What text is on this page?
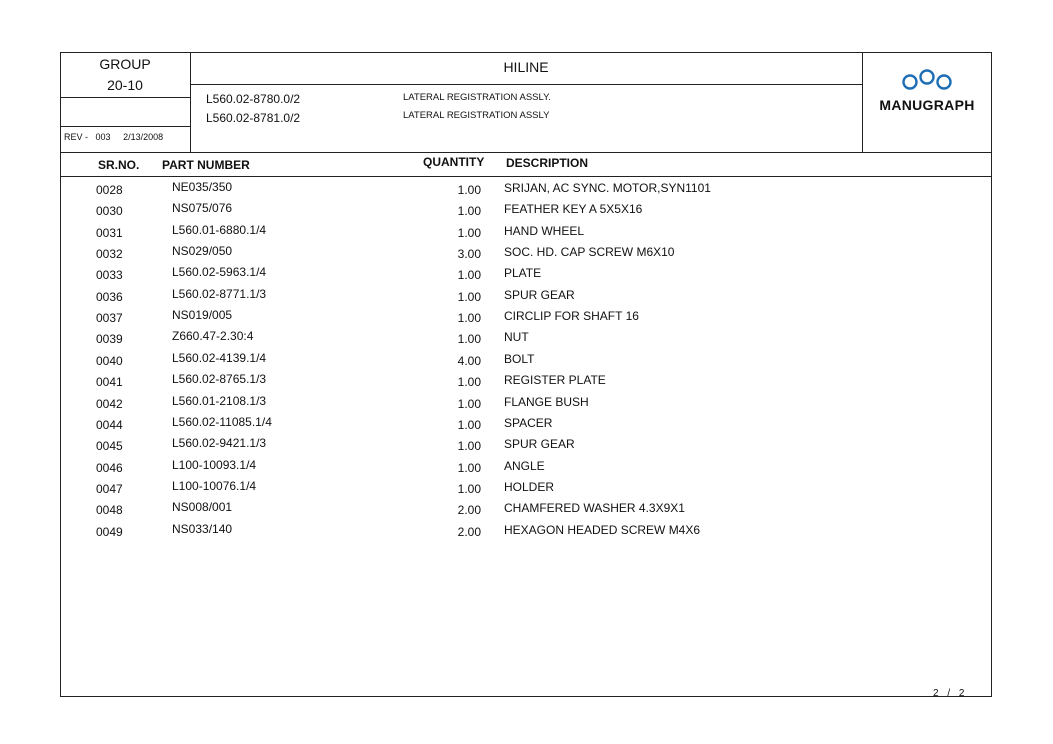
GROUP
20-10
HILINE
L560.02-8780.0/2	LATERAL REGISTRATION ASSLY.
L560.02-8781.0/2	LATERAL REGISTRATION ASSLY
REV - 003 2/13/2008
MANUGRAPH
SR.NO. PART NUMBER	QUANTITY DESCRIPTION
0028	NE035/350	1.00 SRIJAN, AC SYNC. MOTOR,SYN1101
0030	NS075/076	1.00 FEATHER KEY A 5X5X16
0031	L560.01-6880.1/4	1.00 HAND WHEEL
0032	NS029/050	3.00 SOC. HD. CAP SCREW M6X10
0033	L560.02-5963.1/4	1.00 PLATE
0036	L560.02-8771.1/3	1.00 SPUR GEAR
0037	NS019/005	1.00 CIRCLIP FOR SHAFT 16
0039	Z660.47-2.30:4	1.00 NUT
0040	L560.02-4139.1/4	4.00 BOLT
0041	L560.02-8765.1/3	1.00 REGISTER PLATE
0042	L560.01-2108.1/3	1.00 FLANGE BUSH
0044	L560.02-11085.1/4	1.00 SPACER
0045	L560.02-9421.1/3	1.00 SPUR GEAR
0046	L100-10093.1/4	1.00 ANGLE
0047	L100-10076.1/4	1.00 HOLDER
0048	NS008/001	2.00 CHAMFERED WASHER 4.3X9X1
0049	NS033/140	2.00 HEXAGON HEADED SCREW M4X6
2 / 2
